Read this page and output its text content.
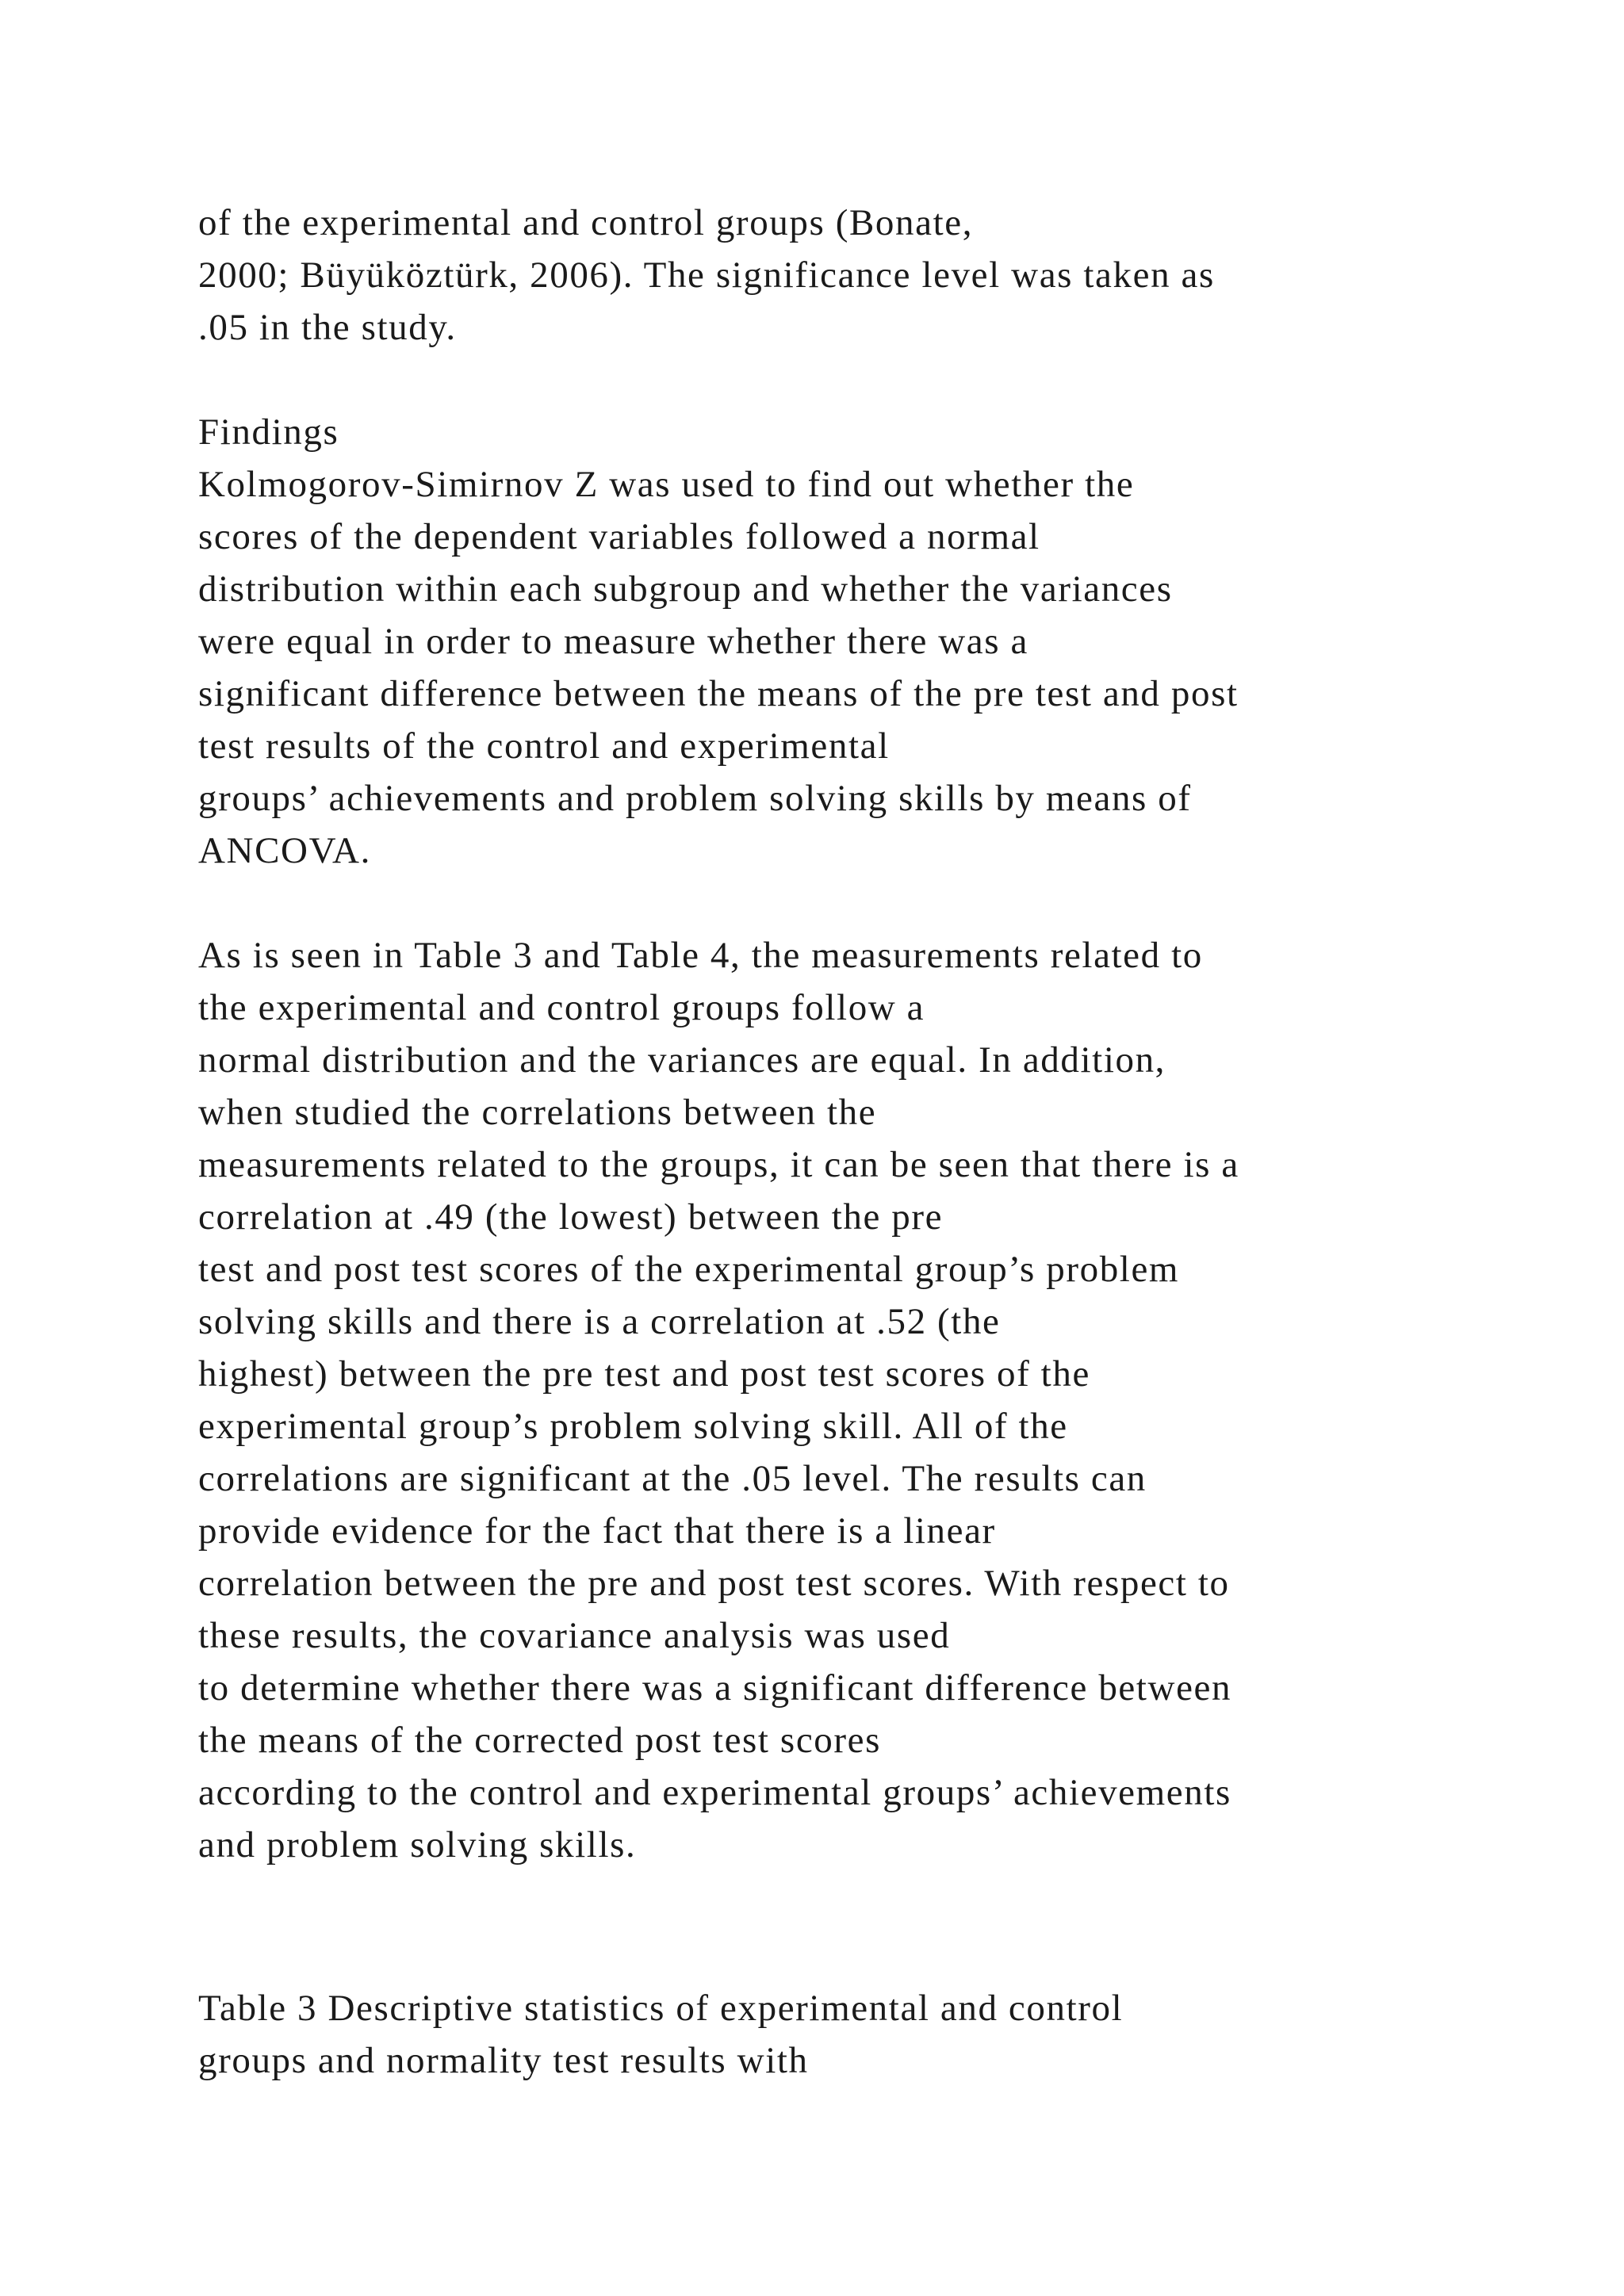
of the experimental and control groups (Bonate,
2000; Büyüköztürk, 2006). The significance level was taken as
.05 in the study.
Findings
Kolmogorov-Simirnov Z was used to find out whether the
scores of the dependent variables followed a normal
distribution within each subgroup and whether the variances
were equal in order to measure whether there was a
significant difference between the means of the pre test and post
test results of the control and experimental
groups’ achievements and problem solving skills by means of
ANCOVA.
As is seen in Table 3 and Table 4, the measurements related to
the experimental and control groups follow a
normal distribution and the variances are equal. In addition,
when studied the correlations between the
measurements related to the groups, it can be seen that there is a
correlation at .49 (the lowest) between the pre
test and post test scores of the experimental group’s problem
solving skills and there is a correlation at .52 (the
highest) between the pre test and post test scores of the
experimental group’s problem solving skill. All of the
correlations are significant at the .05 level. The results can
provide evidence for the fact that there is a linear
correlation between the pre and post test scores. With respect to
these results, the covariance analysis was used
to determine whether there was a significant difference between
the means of the corrected post test scores
according to the control and experimental groups’ achievements
and problem solving skills.
Table 3 Descriptive statistics of experimental and control
groups and normality test results with
